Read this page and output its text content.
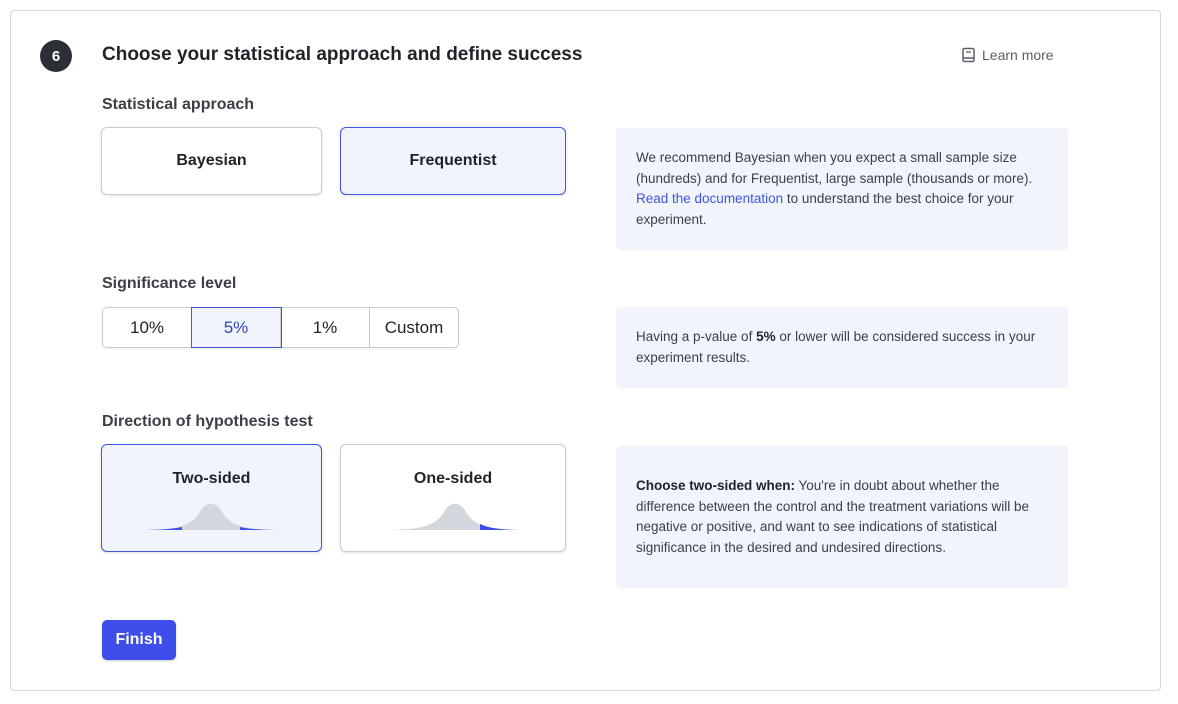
6	Choose your statistical approach and define success	Learn more
Statistical approach
Bayesian	Frequentist	We recommend Bayesian when you expect a small sample size (hundreds) and for Frequentist, large sample (thousands or more). Read the documentation to understand the best choice for your experiment.

Significance level
10%	5%	1%	Custom	Having a p-value of 5% or lower will be considered success in your experiment results.

Direction of hypothesis test
Two-sided	One-sided	Choose two-sided when: You're in doubt about whether the difference between the control and the treatment variations will be negative or positive, and want to see indications of statistical significance in the desired and undesired directions.

Finish
